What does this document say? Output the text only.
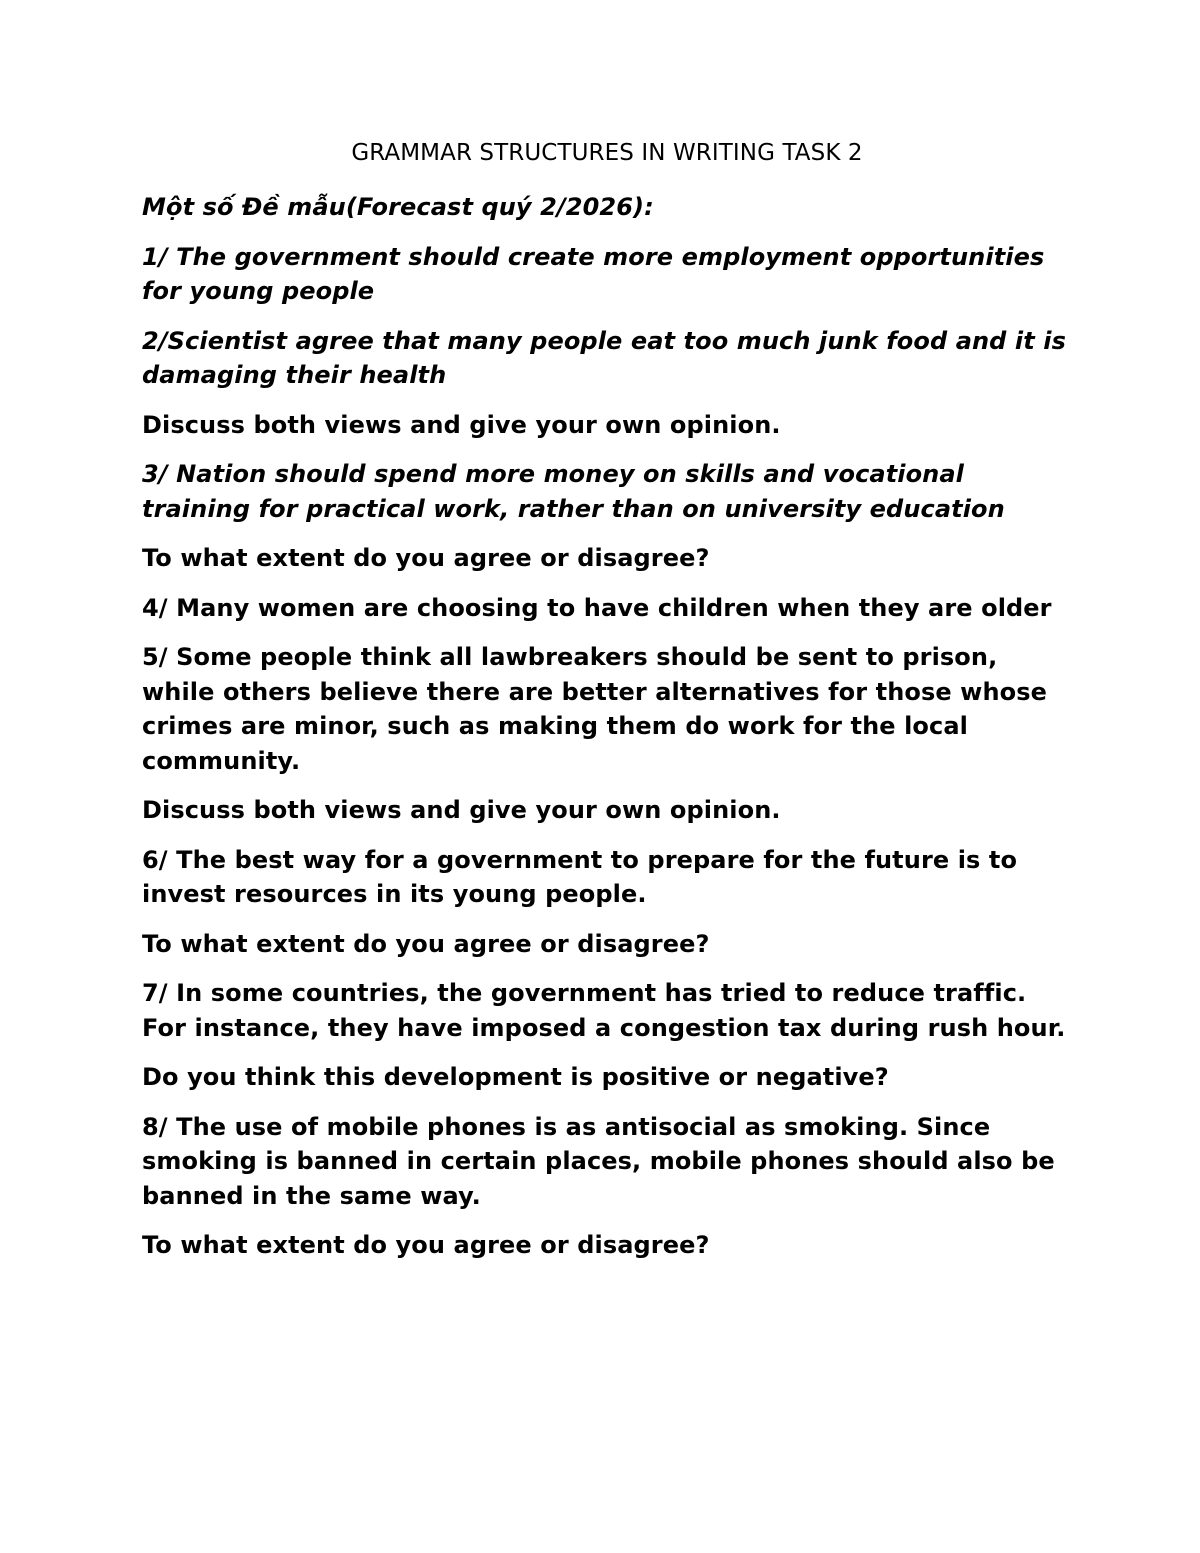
GRAMMAR STRUCTURES IN WRITING TASK 2

Một số Đề mẫu(Forecast quý 2/2026):

1/ The government should create more employment opportunities for young people

2/Scientist agree that many people eat too much junk food and it is damaging their health

Discuss both views and give your own opinion.

3/ Nation should spend more money on skills and vocational training for practical work, rather than on university education

To what extent do you agree or disagree?

4/ Many women are choosing to have children when they are older

5/ Some people think all lawbreakers should be sent to prison, while others believe there are better alternatives for those whose crimes are minor, such as making them do work for the local community.

Discuss both views and give your own opinion.

6/ The best way for a government to prepare for the future is to invest resources in its young people.

To what extent do you agree or disagree?

7/ In some countries, the government has tried to reduce traffic. For instance, they have imposed a congestion tax during rush hour.

Do you think this development is positive or negative?

8/ The use of mobile phones is as antisocial as smoking. Since smoking is banned in certain places, mobile phones should also be banned in the same way.

To what extent do you agree or disagree?
